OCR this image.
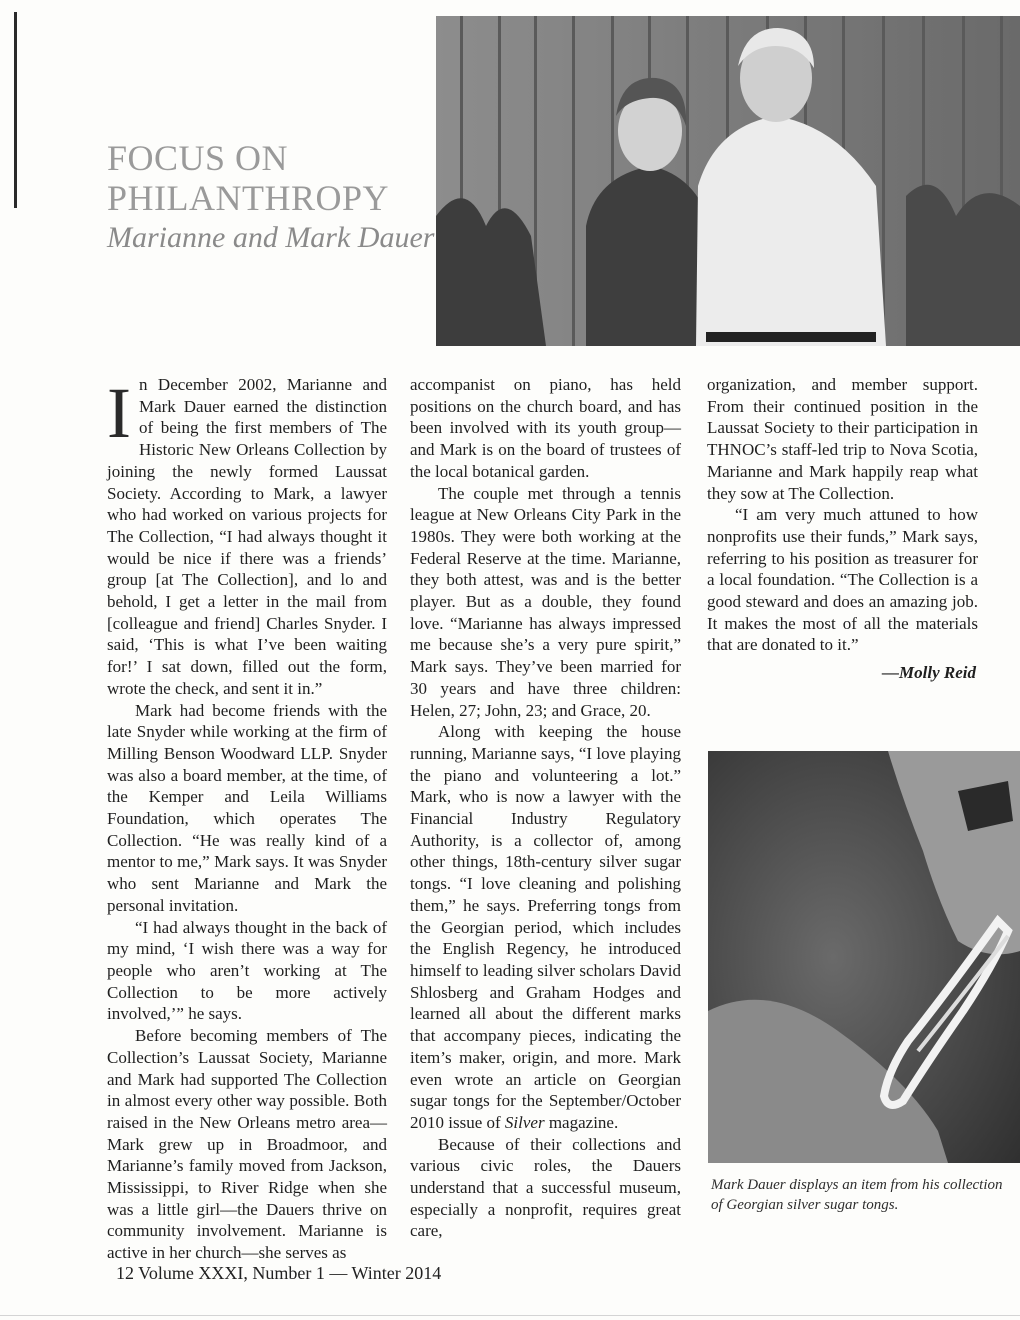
FOCUS ON
PHILANTHROPY
Marianne and Mark Dauer

In December 2002, Marianne and Mark Dauer earned the distinction of being the first members of The Historic New Orleans Collection by joining the newly formed Laussat Society. According to Mark, a lawyer who had worked on various projects for The Collection, “I had always thought it would be nice if there was a friends’ group [at The Collection], and lo and behold, I get a letter in the mail from [colleague and friend] Charles Snyder. I said, ‘This is what I’ve been waiting for!’ I sat down, filled out the form, wrote the check, and sent it in.”

Mark had become friends with the late Snyder while working at the firm of Milling Benson Woodward LLP. Snyder was also a board member, at the time, of the Kemper and Leila Williams Foundation, which operates The Collection. “He was really kind of a mentor to me,” Mark says. It was Snyder who sent Marianne and Mark the personal invitation.

“I had always thought in the back of my mind, ‘I wish there was a way for people who aren’t working at The Collection to be more actively involved,’” he says.

Before becoming members of The Collection’s Laussat Society, Marianne and Mark had supported The Collection in almost every other way possible. Both raised in the New Orleans metro area—Mark grew up in Broadmoor, and Marianne’s family moved from Jackson, Mississippi, to River Ridge when she was a little girl—the Dauers thrive on community involvement. Marianne is active in her church—she serves as

accompanist on piano, has held positions on the church board, and has been involved with its youth group—and Mark is on the board of trustees of the local botanical garden.

The couple met through a tennis league at New Orleans City Park in the 1980s. They were both working at the Federal Reserve at the time. Marianne, they both attest, was and is the better player. But as a double, they found love. “Marianne has always impressed me because she’s a very pure spirit,” Mark says. They’ve been married for 30 years and have three children: Helen, 27; John, 23; and Grace, 20.

Along with keeping the house running, Marianne says, “I love playing the piano and volunteering a lot.” Mark, who is now a lawyer with the Financial Industry Regulatory Authority, is a collector of, among other things, 18th-century silver sugar tongs. “I love cleaning and polishing them,” he says. Preferring tongs from the Georgian period, which includes the English Regency, he introduced himself to leading silver scholars David Shlosberg and Graham Hodges and learned all about the different marks that accompany pieces, indicating the item’s maker, origin, and more. Mark even wrote an article on Georgian sugar tongs for the September/October 2010 issue of Silver magazine.

Because of their collections and various civic roles, the Dauers understand that a successful museum, especially a nonprofit, requires great care,

organization, and member support. From their continued position in the Laussat Society to their participation in THNOC’s staff-led trip to Nova Scotia, Marianne and Mark happily reap what they sow at The Collection.

“I am very much attuned to how nonprofits use their funds,” Mark says, referring to his position as treasurer for a local foundation. “The Collection is a good steward and does an amazing job. It makes the most of all the materials that are donated to it.”

—Molly Reid
Mark Dauer displays an item from his collection of Georgian silver sugar tongs.
12 Volume XXXI, Number 1 — Winter 2014
